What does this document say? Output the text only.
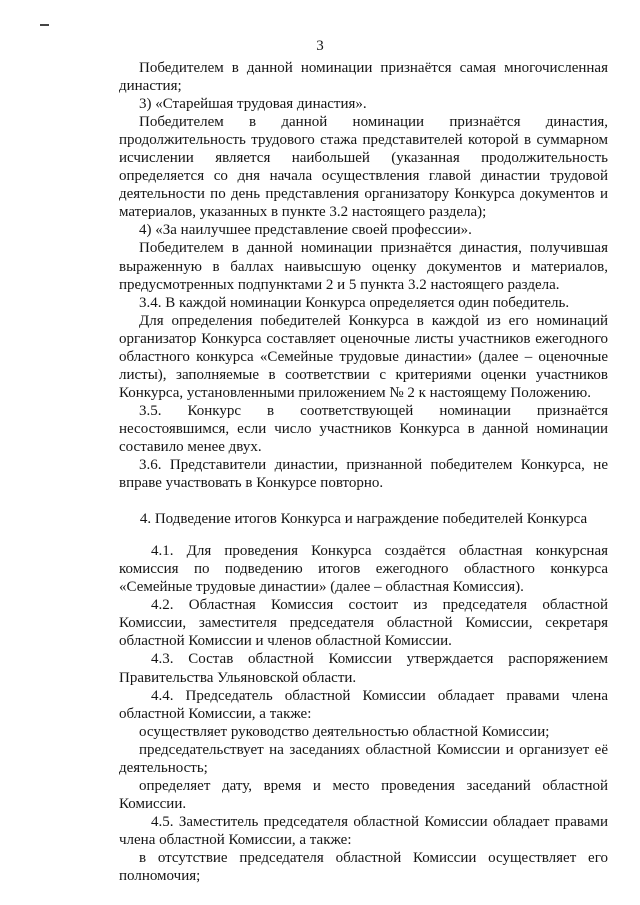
3

Победителем в данной номинации признаётся самая многочисленная династия;

3) «Старейшая трудовая династия».

Победителем в данной номинации признаётся династия, продолжительность трудового стажа представителей которой в суммарном исчислении является наибольшей (указанная продолжительность определяется со дня начала осуществления главой династии трудовой деятельности по день представления организатору Конкурса документов и материалов, указанных в пункте 3.2 настоящего раздела);

4) «За наилучшее представление своей профессии».

Победителем в данной номинации признаётся династия, получившая выраженную в баллах наивысшую оценку документов и материалов, предусмотренных подпунктами 2 и 5 пункта 3.2 настоящего раздела.

3.4. В каждой номинации Конкурса определяется один победитель.

Для определения победителей Конкурса в каждой из его номинаций организатор Конкурса составляет оценочные листы участников ежегодного областного конкурса «Семейные трудовые династии» (далее – оценочные листы), заполняемые в соответствии с критериями оценки участников Конкурса, установленными приложением № 2 к настоящему Положению.

3.5. Конкурс в соответствующей номинации признаётся несостоявшимся, если число участников Конкурса в данной номинации составило менее двух.

3.6. Представители династии, признанной победителем Конкурса, не вправе участвовать в Конкурсе повторно.

4. Подведение итогов Конкурса и награждение победителей Конкурса

4.1. Для проведения Конкурса создаётся областная конкурсная комиссия по подведению итогов ежегодного областного конкурса «Семейные трудовые династии» (далее – областная Комиссия).

4.2. Областная Комиссия состоит из председателя областной Комиссии, заместителя председателя областной Комиссии, секретаря областной Комиссии и членов областной Комиссии.

4.3. Состав областной Комиссии утверждается распоряжением Правительства Ульяновской области.

4.4. Председатель областной Комиссии обладает правами члена областной Комиссии, а также:

осуществляет руководство деятельностью областной Комиссии;

председательствует на заседаниях областной Комиссии и организует её деятельность;

определяет дату, время и место проведения заседаний областной Комиссии.

4.5. Заместитель председателя областной Комиссии обладает правами члена областной Комиссии, а также:

в отсутствие председателя областной Комиссии осуществляет его полномочия;
